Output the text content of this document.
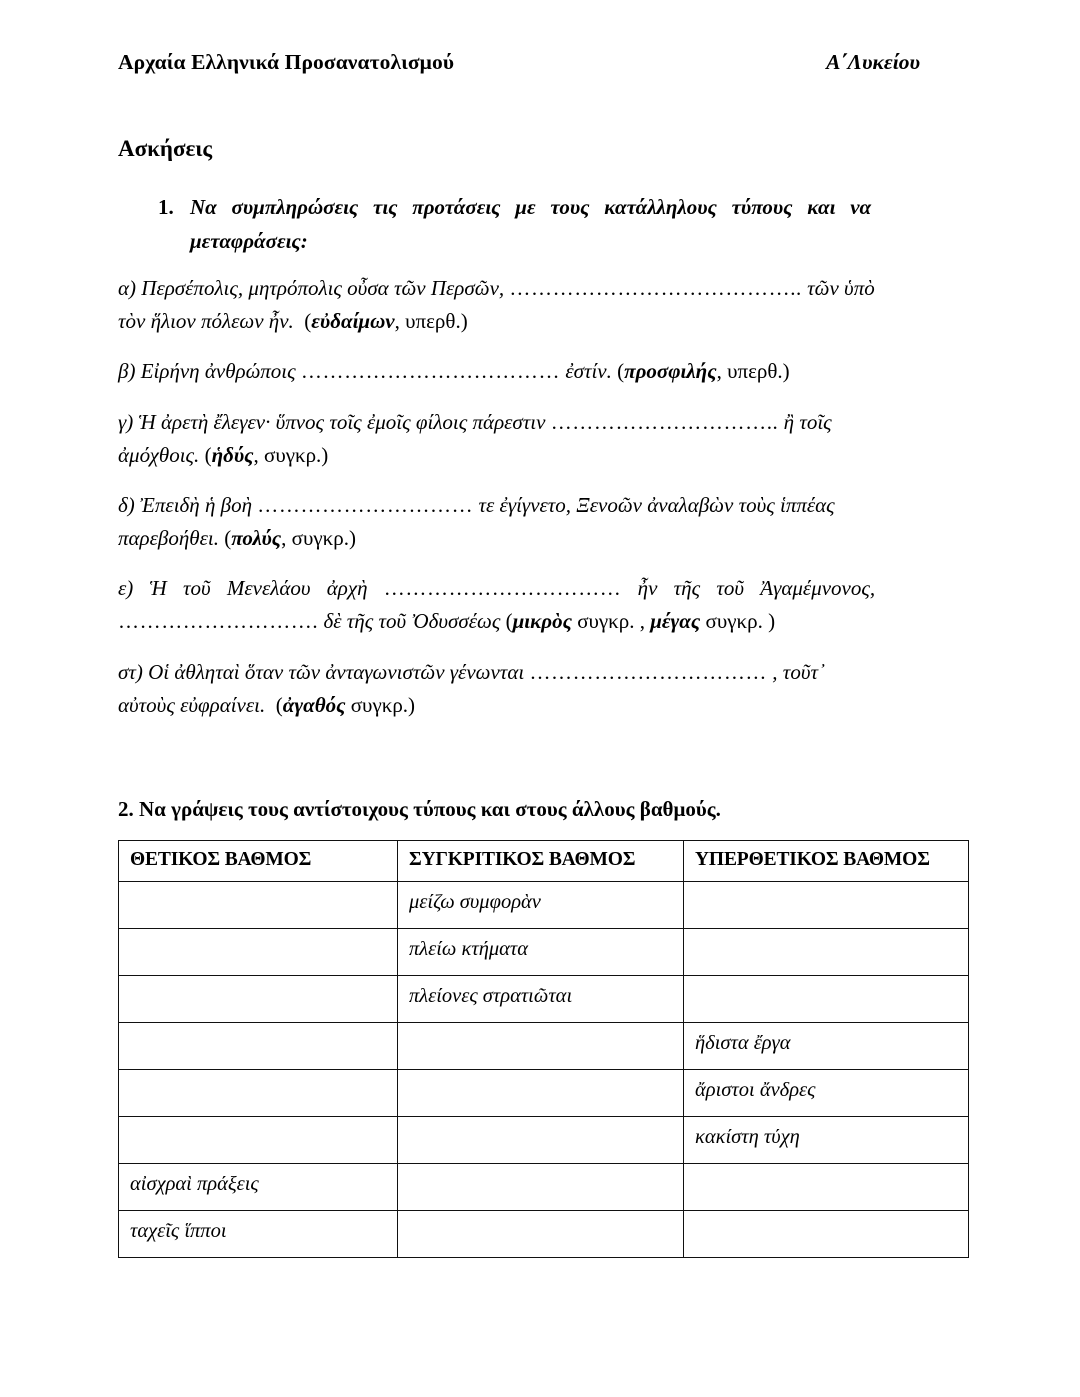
Αρχαία Ελληνικά Προσανατολισμού	Α΄Λυκείου
Ασκήσεις
1. Να συμπληρώσεις τις προτάσεις με τους κατάλληλους τύπους και να
μεταφράσεις:
α) Περσέπολις, μητρόπολις οὖσα τῶν Περσῶν, ………………………………….. τῶν ὑπὸ
τὸν ἥλιον πόλεων ἦν. (εὐδαίμων, υπερθ.)
β) Εἰρήνη ἀνθρώποις ……………………………… ἐστίν. (προσφιλής, υπερθ.)
γ) Ἡ ἀρετὴ ἔλεγεν· ὕπνος τοῖς ἐμοῖς φίλοις πάρεστιν ………………………….. ἢ τοῖς
ἀμόχθοις. (ἡδύς, συγκρ.)
δ) Ἐπειδὴ ἡ βοὴ ………………………… τε ἐγίγνετο, Ξενοῶν ἀναλαβὼν τοὺς ἱππέας
παρεβοήθει. (πολύς, συγκρ.)
ε) Ἡ τοῦ Μενελάου ἀρχὴ …………………………… ἦν τῆς τοῦ Ἀγαμέμνονος,
………………………. δὲ τῆς τοῦ Ὀδυσσέως (μικρὸς συγκρ. , μέγας συγκρ. )
στ) Οἱ ἀθληταὶ ὅταν τῶν ἀνταγωνιστῶν γένωνται …………………………… , τοῦτ᾽
αὐτοὺς εὐφραίνει. (ἀγαθός συγκρ.)
2. Να γράψεις τους αντίστοιχους τύπους και στους άλλους βαθμούς.
ΘΕΤΙΚΟΣ ΒΑΘΜΟΣ	ΣΥΓΚΡΙΤΙΚΟΣ ΒΑΘΜΟΣ	ΥΠΕΡΘΕΤΙΚΟΣ ΒΑΘΜΟΣ
	μείζω συμφορὰν	
	πλείω κτήματα	
	πλείονες στρατιῶται	
		ἥδιστα ἔργα
		ἄριστοι ἄνδρες
		κακίστη τύχη
αἰσχραὶ πράξεις		
ταχεῖς ἵπποι		
